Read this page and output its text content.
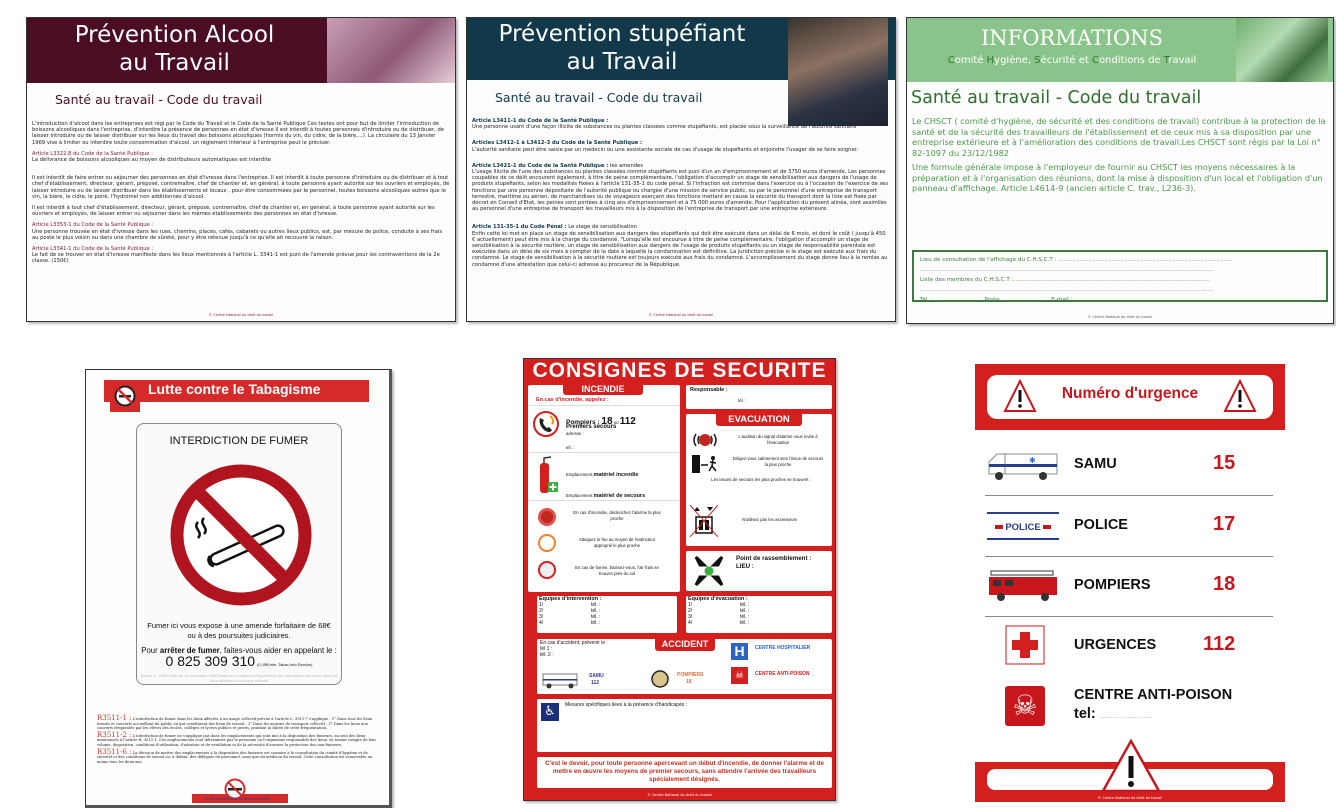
Prévention Alcool
au Travail
Santé au travail - Code du travail
L'introduction d'alcool dans les entreprises est régi par le Code du Travail et le Code de la Santé Publique Ces textes ont pour but de limiter l'introduction de boissons alcooliques dans l'entreprise, d'interdire la présence de personnes en état d'ivresse Il est interdit à toutes personnes d'introduire ou de distribuer, de laisser introduire ou de laisser distribuer sur les lieux du travail des boissons alcooliques (hormis du vin, du cidre, de la bière,...). La circulaire du 13 Janvier 1969 vise à limiter ou interdire toute consommation d'alcool, un règlement intérieur à l'entreprise peut le préciser.
Article L3322.8 du Code de la Santé Publique :
La délivrance de boissons alcooliques au moyen de distributeurs automatiques est interdite
Il est interdit de faire entrer ou séjourner des personnes en état d'ivresse dans l'entreprise. Il est interdit à toute personne d'introduire ou de distribuer et à tout chef d'établissement, directeur, gérant, préposé, contremaître, chef de chantier et, en général, à toute personne ayant autorité sur les ouvriers et employés, de laisser introduire ou de laisser distribuer dans les établissements et locaux , pour être consommées par le personnel, toutes boissons alcooliques autres que le vin, la bière, le cidre, le poiré, l'hydromel non additionnés d'alcool.
Il est interdit à tout chef d'établissement, directeur, gérant, préposé, contremaître, chef de chantier et, en général, à toute personne ayant autorité sur les ouvriers et employés, de laisser entrer ou séjourner dans les mêmes établissements des personnes en état d'ivresse.
Article L3353-1 du Code de la Santé Publique :
Une personne trouvée en état d'ivresse dans les rues, chemins, places, cafés, cabarets ou autres lieux publics, est, par mesure de police, conduite à ses frais au poste le plus voisin ou dans une chambre de sûreté, pour y être retenue jusqu'à ce qu'elle ait recouvré la raison.
Article L3341-1 du Code de la Santé Publique :
Le fait de se trouver en état d'ivresse manifeste dans les lieux mentionnés à l'article L. 3341-1 est puni de l'amende prévue pour les contraventions de la 2e classe. (150€)
© Centre National du droit du travail
Prévention stupéfiant
au Travail
Santé au travail - Code du travail
Article L3411-1 du Code de la Santé Publique :
Une personne usant d'une façon illicite de substances ou plantes classées comme stupéfiants, est placée sous la surveillance de l'autorité sanitaire
Articles L3412-1 à L3412-3 du Code de la Santé Publique :
L'autorité sanitaire peut être saisie par un médecin ou une assistante sociale de cas d'usage de stupéfiants et enjoindre l'usager de se faire soigner.
Article L3421-1 du Code de la Santé Publique : les amendes
L'usage illicite de l'une des substances ou plantes classées comme stupéfiants est puni d'un an d'emprisonnement et de 3750 euros d'amende. Les personnes coupables de ce délit encourent également, à titre de peine complémentaire, l'obligation d'accomplir un stage de sensibilisation aux dangers de l'usage de produits stupéfiants, selon les modalités fixées à l'article 131-35-1 du code pénal. Si l'infraction est commise dans l'exercice ou à l'occasion de l'exercice de ses fonctions par une personne dépositaire de l'autorité publique ou chargée d'une mission de service public, ou par le personnel d'une entreprise de transport terrestre, maritime ou aérien, de marchandises ou de voyageurs exerçant des fonctions mettant en cause la sécurité du transport dont la liste est fixée par décret en Conseil d'Etat, les peines sont portées à cinq ans d'emprisonnement et à 75 000 euros d'amende. Pour l'application du présent alinéa, sont assimilés au personnel d'une entreprise de transport les travailleurs mis à la disposition de l'entreprise de transport par une entreprise extérieure.
Article 131-35-1 du Code Pénal : Le stage de sensibilisation
Enfin cette loi met en place un stage de sensibilisation aux dangers des stupéfiants qui doit être exécuté dans un délai de 6 mois, et dont le coût ( jusqu'à 450 € actuellement) peut être mis à la charge du condamné. "Lorsqu'elle est encourue à titre de peine complémentaire, l'obligation d'accomplir un stage de sensibilisation à la sécurité routière, un stage de sensibilisation aux dangers de l'usage de produits stupéfiants ou un stage de responsabilité parentale est exécutée dans un délai de six mois à compter de la date à laquelle la condamnation est définitive. La juridiction précise si le stage est exécuté aux frais du condamné. Le stage de sensibilisation à la sécurité routière est toujours exécuté aux frais du condamné. L'accomplissement du stage donne lieu à la remise au condamné d'une attestation que celui-ci adresse au procureur de la République.
© Centre National du droit du travail
INFORMATIONS
Comité Hygiène, Sécurité et Conditions de Travail
Santé au travail - Code du travail
Le CHSCT ( comité d'hygiène, de sécurité et des conditions de travail) contribue à la protection de la santé et de la sécurité des travailleurs de l'établissement et de ceux mis à sa disposition par une entreprise extérieure et à l'amélioration des conditions de travail.Les CHSCT sont régis par la Loi n° 82-1097 du 23/12/1982
Une formule générale impose à l'employeur de fournir au CHSCT les moyens nécessaires à la préparation et à l'organisation des réunions, dont la mise à disposition d'un local et l'obligation d'un panneau d'affichage. Article L4614-9 (ancien article C. trav., L236-3).
Lieu de consultation de l'affichage du C.H.S.C.T : ..................................................................................................
.....................................................................................................................................................................
Liste des membres du C.H.S.C.T :..............................................................................................................
.....................................................................................................................................................................
Tél. : ........................... Poste : ......................... E-mail : ..........................................................
© Centre National du droit du travail
Lutte contre le Tabagisme
INTERDICTION DE FUMER
Fumer ici vous expose à une amende forfaitaire de 68€
ou à des poursuites judiciaires.
Pour arrêter de fumer, faites-vous aider en appelant le :
0 825 309 310 (0,15€/min. Tabac Info Service)
Décret n° 2006-1386 du 15 novembre 2006 fixant les conditions d'application de l'interdiction de fumer dans les lieux affectés à un usage collectif
R3511-1 : L'interdiction de fumer dans les lieux affectés à un usage collectif prévue à l'article L. 3511-7 s'applique : 1° Dans tous les lieux fermés et couverts accueillant du public ou qui constituent des lieux de travail ; 2° Dans les moyens de transport collectif ; 3° Dans les lieux non couverts fréquentés par les élèves des écoles, collèges et lycées publics et privés, pendant la durée de cette fréquentation.
R3511-2 : L'interdiction de fumer ne s'applique pas dans les emplacements qui sont mis à la disposition des fumeurs, au sein des lieux mentionnés à l'article R. 3511-1. Ces emplacements sont déterminés par la personne ou l'organisme responsable des lieux, en tenant compte de leur volume, disposition, conditions d'utilisation, d'aération et de ventilation et de la nécessité d'assurer la protection des non-fumeurs.
R3511-6 : La décision de mettre des emplacements à la disposition des fumeurs est soumise à la consultation du comité d'hygiène et de sécurité et des conditions de travail ou, à défaut, des délégués du personnel, ainsi que du médecin du travail. Cette consultation est renouvelée au moins tous les deux ans.
© Centre National du droit du travail
CONSIGNES DE SECURITE
INCENDIE
En cas d'incendie, appelez :
Pompiers : 18 ou 112
Premiers secours
adresse :
tél. :
Emplacement matériel incendie
Emplacement matériel de secours
En cas d'incendie, déclenchez l'alarme la plus proche
Attaquez le feu au moyen de l'extincteur approprié le plus proche
En cas de fumée, baissez-vous, l'air frais se trouves près du sol
Responsable :
tél. :
EVACUATION
L'audition du signal d'alarme vous invite à l'évacuation
Dirigez-vous calmement vers l'issue de secours la plus proche
Les issues de secours les plus proches se trouvent :
N'utilisez pas les ascenseurs
Point de rassemblement :
LIEU :
Equipes d'intervention :
1/	tél. :
2/	tél. :
3/	tél. :
4/	tél. :
Equipes d'évacuation :
1/	tél. :
2/	tél. :
3/	tél. :
4/	tél. :
En cas d'accident, prévenir le :
tél 1 :
tél. 2 :
ACCIDENT
SAMU
112
POMPIERS
18
H	CENTRE HOSPITALIER
☠	CENTRE ANTI-POISON
♿	Mesures spécifiques liées à la présence d'handicapés :
C'est le devoir, pour toute personne apercevant un début d'incendie, de donner l'alarme et de mettre en œuvre les moyens de premier secours, sans attendre l'arrivée des travailleurs spécialement désignés.
© Centre National du droit du travail
Numéro d'urgence
✱	SAMU	15
POLICE	POLICE	17
POMPIERS	18
URGENCES 112
☠	CENTRE ANTI-POISON
tel: ....... ....... ....... .......
© Centre National du droit du travail
